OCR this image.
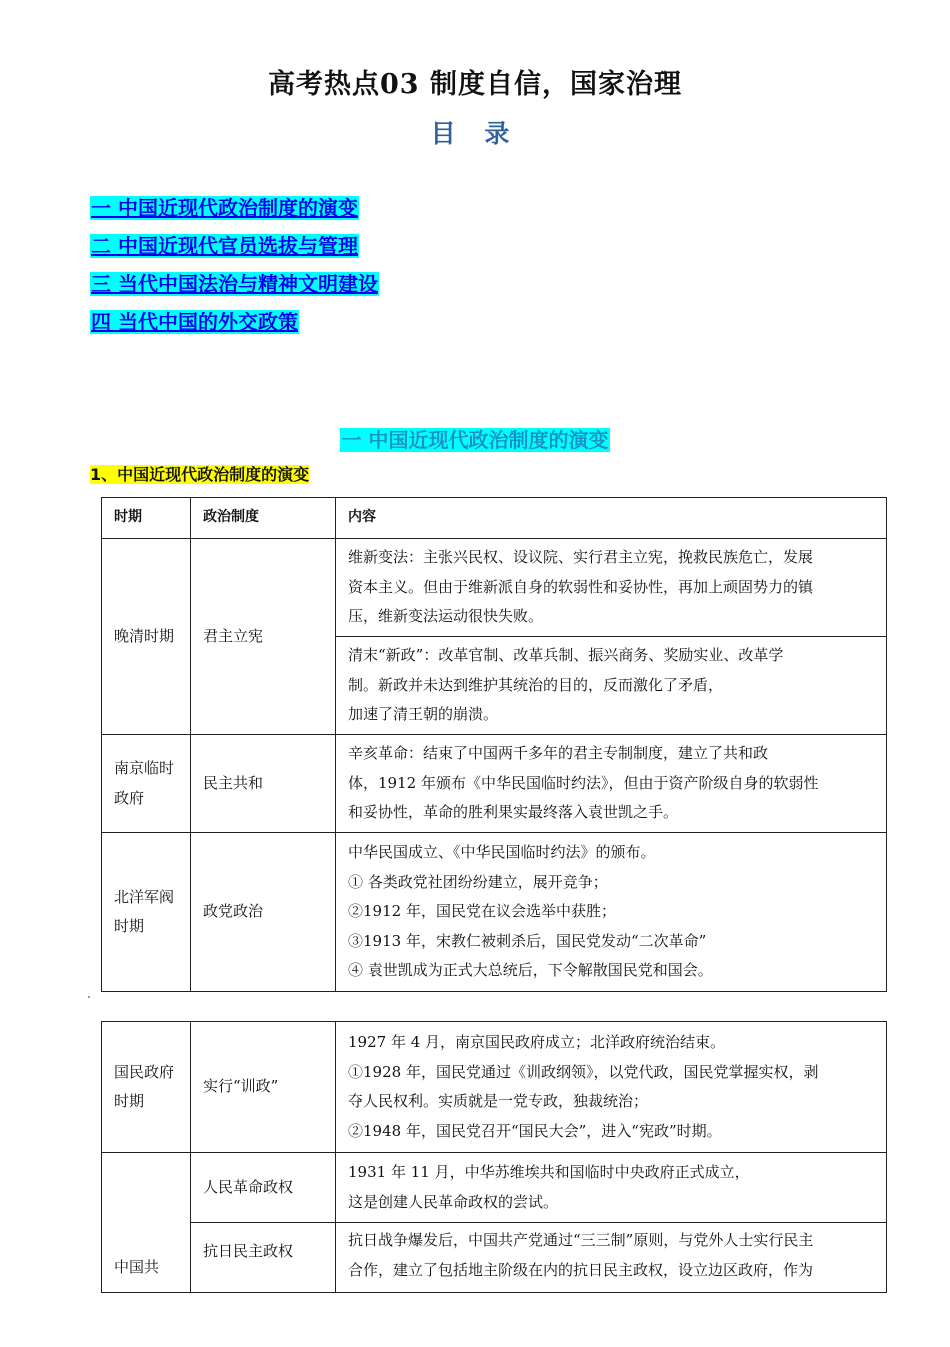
高考热点03 制度自信，国家治理
目 录
一 中国近现代政治制度的演变
二 中国近现代官员选拔与管理
三 当代中国法治与精神文明建设
四 当代中国的外交政策
一 中国近现代政治制度的演变
1、中国近现代政治制度的演变
时期	政治制度	内容
晚清时期	君主立宪	维新变法：主张兴民权、设议院、实行君主立宪，挽救民族危亡，发展
资本主义。但由于维新派自身的软弱性和妥协性，再加上顽固势力的镇
压，维新变法运动很快失败。

		清末“新政”：改革官制、改革兵制、振兴商务、奖励实业、改革学
制。新政并未达到维护其统治的目的，反而激化了矛盾，
加速了清王朝的崩溃。

南京临时政府	民主共和	辛亥革命：结束了中国两千多年的君主专制制度，建立了共和政
体，1912 年颁布《中华民国临时约法》，但由于资产阶级自身的软弱性
和妥协性，革命的胜利果实最终落入袁世凯之手。

北洋军阀时期	政党政治	中华民国成立、《中华民国临时约法》的颁布。
① 各类政党社团纷纷建立，展开竞争；
②1912 年，国民党在议会选举中获胜；
③1913 年，宋教仁被刺杀后，国民党发动“二次革命”
④ 袁世凯成为正式大总统后，下令解散国民党和国会。
国民政府时期	实行“训政”	1927 年 4 月，南京国民政府成立；北洋政府统治结束。
①1928 年，国民党通过《训政纲领》，以党代政，国民党掌握实权，剥
夺人民权利。实质就是一党专政，独裁统治；
②1948 年，国民党召开“国民大会”，进入“宪政”时期。

中国共	人民革命政权	1931 年 11 月，中华苏维埃共和国临时中央政府正式成立，
这是创建人民革命政权的尝试。

	抗日民主政权	抗日战争爆发后，中国共产党通过“三三制”原则，与党外人士实行民主
合作，建立了包括地主阶级在内的抗日民主政权，设立边区政府，作为
